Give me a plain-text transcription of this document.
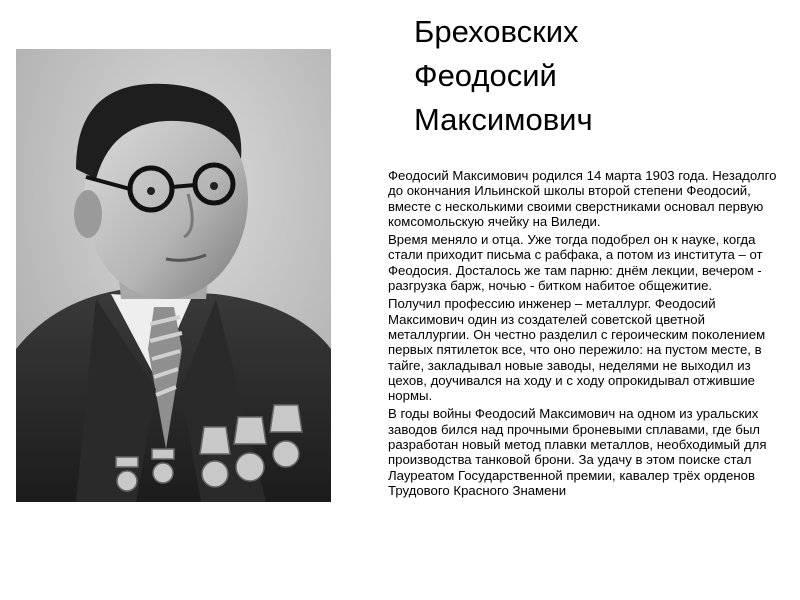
Бреховских
Феодосий
Максимович

Феодосий Максимович родился 14 марта 1903 года. Незадолго до окончания Ильинской школы второй степени Феодосий, вместе с несколькими своими сверстниками основал первую комсомольскую ячейку на Виледи.

Время меняло и отца. Уже тогда подобрел он к науке, когда стали приходит письма с рабфака, а потом из института – от Феодосия. Досталось же там парню: днём лекции, вечером - разгрузка барж, ночью - битком набитое общежитие.

Получил профессию инженер – металлург. Феодосий Максимович один из создателей советской цветной металлургии. Он честно разделил с героическим поколением первых пятилеток все, что оно пережило: на пустом месте, в тайге, закладывал новые заводы, неделями не выходил из цехов, доучивался на ходу и с ходу опрокидывал отжившие нормы.

В годы войны Феодосий Максимович на одном из уральских заводов бился над прочными броневыми сплавами, где был разработан новый метод плавки металлов, необходимый для производства танковой брони. За удачу в этом поиске стал Лауреатом Государственной премии, кавалер трёх орденов Трудового Красного Знамени
